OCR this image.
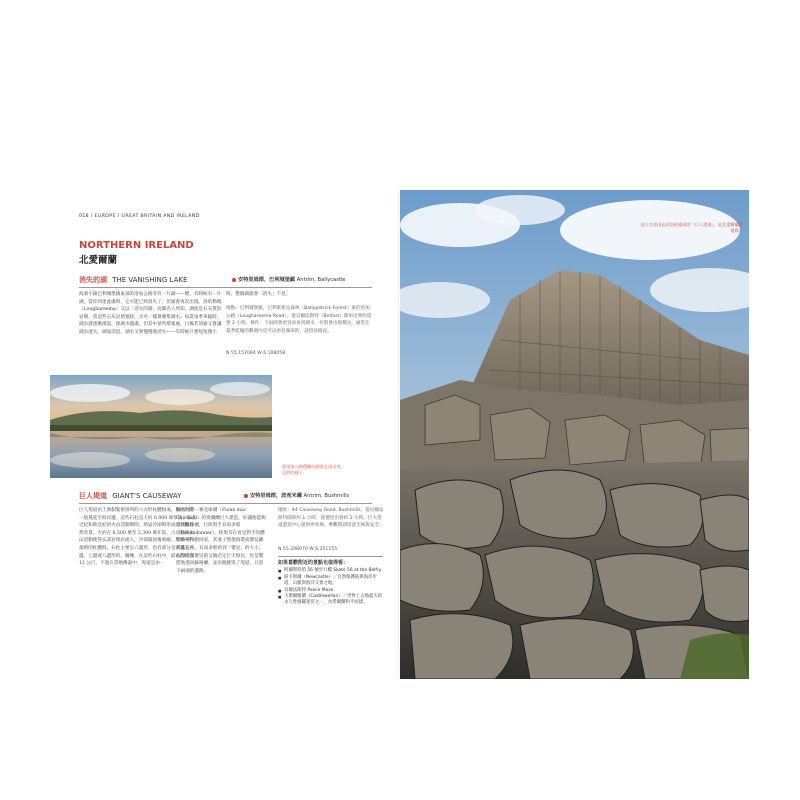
018 / EUROPE / GREAT BRITAIN AND IRELAND
NORTHERN IRELAND
北愛爾蘭
消失的湖 THE VANISHING LAKE	安特里姆郡，巴利城堡鎮 Antrim, Ballycastle
海濱小鎮巴利城堡鎮東部的洛加公路旁有一片湖——嗯，有時候有一片湖，當你到達此處時，它可能已經消失了，但湖會再次出現。洛哈勒瑪（Loughareema）又以「消失的湖」而聞名人所知。湖底是石灰質的岩層，當這些石灰岩堵塞時，水可一樣會聚集湖水。每當雨季來臨時，湖水就逐漸湧起，使湖水漲滿；但其中某些堵塞處，日後若清通又會讓湖水流失。湖面消退，湖水又會慢慢地消失——有時候只要短短幾小
時，整個湖就會「消失」不見。
地點：巴利城堡鎮，巴利派崔克森林（Ballypatrick Forest）東的洛加公路（Loughareema Road），從貝爾法斯特（Belfast）開車出發約需要 2 小時。條件：下雨時會更容易看到湖水。有時會出現積水。通常在夏季乾燥的數週內是可以看見湖床的，請留意路況。
N 55.157084 W 6.108058
從洛加公路環顧的湖景在雨水充足時的樣子。
巨人堤道 GIANT'S CAUSEWAY	安特里姆郡，波希米爾 Antrim, Bushmills
巨人堤道由上萬個緊密排列的六方形柱體組成，如同台階一般蔓延至海岸邊。這些石柱是大約 6,000 萬年前，在古近紀和新近紀的火山活動期間，熔岩冷卻時形成的壯觀自然奇景。大約在 6,500 萬至 2,300 萬年前，古近紀的火山活動使得玄武岩熔岩流入，冷卻凝固後收縮，形成一片規則的柱體群。石柱主要呈六邊形，也有部分是四邊、五邊、七邊或八邊形的。據傳，在這些石柱中，最高的約有 12 公尺。不過在當地傳說中，堤道是由一
個名叫芬・麥克庫爾（Fionn mac Cumhaill）的愛爾蘭巨人建造，好讓他能夠走到蘇格蘭，打敗對手貝南多那（Benandonner）。結果芬在看見對手的體型時嚇得跑回家，其妻子將他偽裝成嬰兒藏在搖籃中。貝南多那看到「嬰兒」的大小，心想這個嬰兒的父親必定巨大無比，於是驚慌地逃回蘇格蘭，並沿路摧毀了堤道，只留下兩端的遺跡。
地址：44 Causeway Road, Bushmills。從貝爾法斯特開車約 1 小時，從德里出發約 1 小時。巨人堤道遊客中心提供停車場。參觀時請留意天候與安全。
N 55.208070 W 6.251155
如果喜歡附近的景點也值得看：
■ 阿爾斯特的 56 號步行橋 Skate 56 at the Belfry
■ 紐卡斯爾（Newcastle）／自然保護區與海岸步道，山脈與海洋交會之地。
■ 貝爾法斯特 Peace Maze
■ 卡斯爾維蘭（Castlewellan）／世界上占地最大的永久性綠籬迷宮之一，為愛爾蘭和平而建。
這片古老由玄武岩柱組成的「巨人堤道」，是北愛爾蘭的地標。
